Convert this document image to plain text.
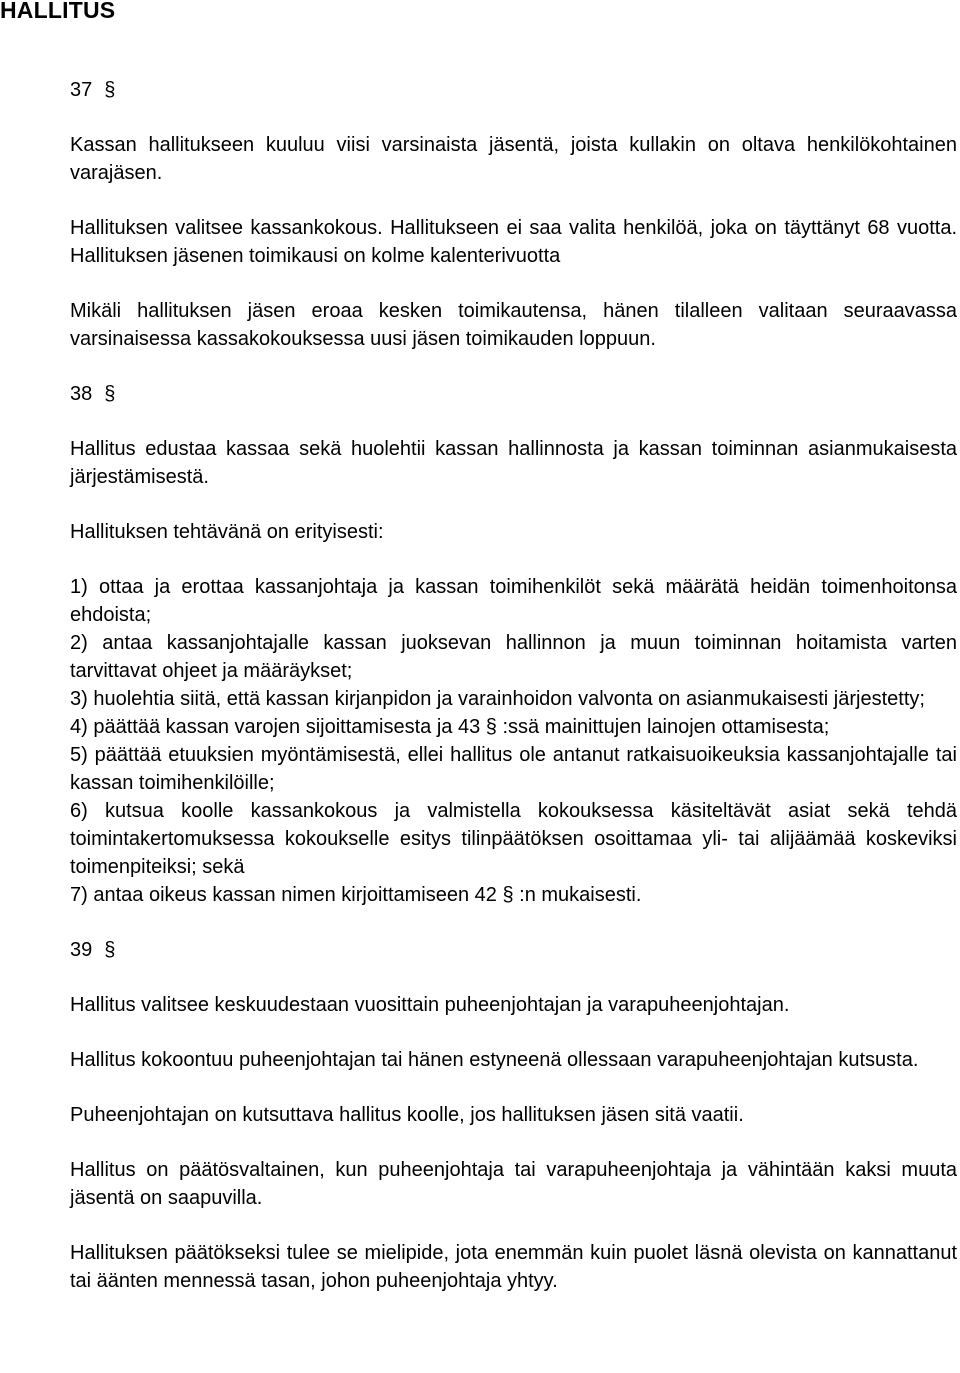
HALLITUS
37 §

Kassan hallitukseen kuuluu viisi varsinaista jäsentä, joista kullakin on oltava henkilökohtainen varajäsen.

Hallituksen valitsee kassankokous. Hallitukseen ei saa valita henkilöä, joka on täyttänyt 68 vuotta. Hallituksen jäsenen toimikausi on kolme kalenterivuotta

Mikäli hallituksen jäsen eroaa kesken toimikautensa, hänen tilalleen valitaan seuraavassa varsinaisessa kassakokouksessa uusi jäsen toimikauden loppuun.

38 §

Hallitus edustaa kassaa sekä huolehtii kassan hallinnosta ja kassan toiminnan asianmukaisesta järjestämisestä.

Hallituksen tehtävänä on erityisesti:

1) ottaa ja erottaa kassanjohtaja ja kassan toimihenkilöt sekä määrätä heidän toimenhoitonsa ehdoista;

2) antaa kassanjohtajalle kassan juoksevan hallinnon ja muun toiminnan hoitamista varten tarvittavat ohjeet ja määräykset;

3) huolehtia siitä, että kassan kirjanpidon ja varainhoidon valvonta on asianmukaisesti järjestetty;

4) päättää kassan varojen sijoittamisesta ja 43 § :ssä mainittujen lainojen ottamisesta;

5) päättää etuuksien myöntämisestä, ellei hallitus ole antanut ratkaisuoikeuksia kassanjohtajalle tai kassan toimihenkilöille;

6) kutsua koolle kassankokous ja valmistella kokouksessa käsiteltävät asiat sekä tehdä toimintakertomuksessa kokoukselle esitys tilinpäätöksen osoittamaa yli- tai alijäämää koskeviksi toimenpiteiksi; sekä

7) antaa oikeus kassan nimen kirjoittamiseen 42 § :n mukaisesti.

39 §

Hallitus valitsee keskuudestaan vuosittain puheenjohtajan ja varapuheenjohtajan.

Hallitus kokoontuu puheenjohtajan tai hänen estyneenä ollessaan varapuheenjohtajan kutsusta.

Puheenjohtajan on kutsuttava hallitus koolle, jos hallituksen jäsen sitä vaatii.

Hallitus on päätösvaltainen, kun puheenjohtaja tai varapuheenjohtaja ja vähintään kaksi muuta jäsentä on saapuvilla.

Hallituksen päätökseksi tulee se mielipide, jota enemmän kuin puolet läsnä olevista on kannattanut tai äänten mennessä tasan, johon puheenjohtaja yhtyy.
